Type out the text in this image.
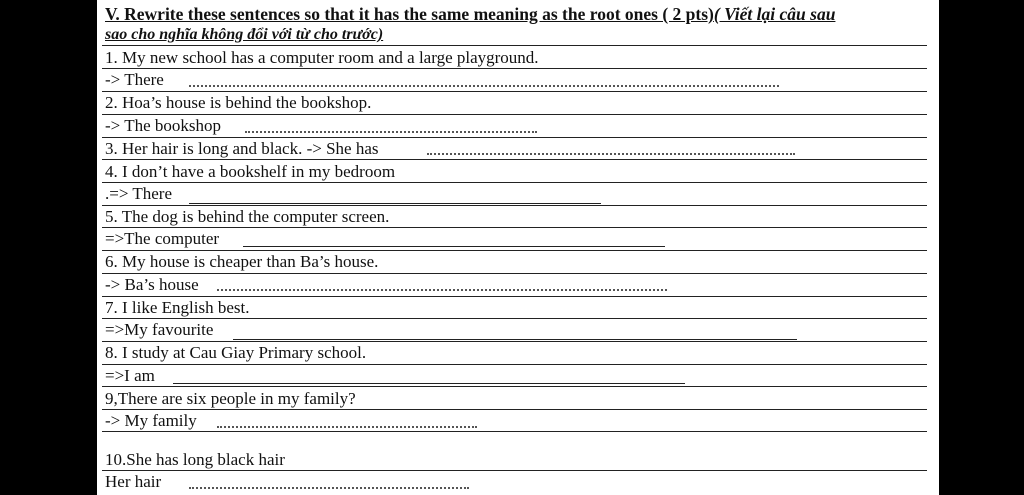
V. Rewrite these sentences so that it has the same meaning as the root ones ( 2 pts)( Viết lại câu sau
sao cho nghĩa không đổi với từ cho trước)
1. My new school has a computer room and a large playground.
-> There
2. Hoa’s house is behind the bookshop.
-> The bookshop
3. Her hair is long and black. -> She has
4. I don’t have a bookshelf in my bedroom
.=> There
5. The dog is behind the computer screen.
=>The computer
6. My house is cheaper than Ba’s house.
-> Ba’s house
7. I like English best.
=>My favourite
8. I study at Cau Giay Primary school.
=>I am
9,There are six people in my family?
-> My family
10.She has long black hair
Her hair
